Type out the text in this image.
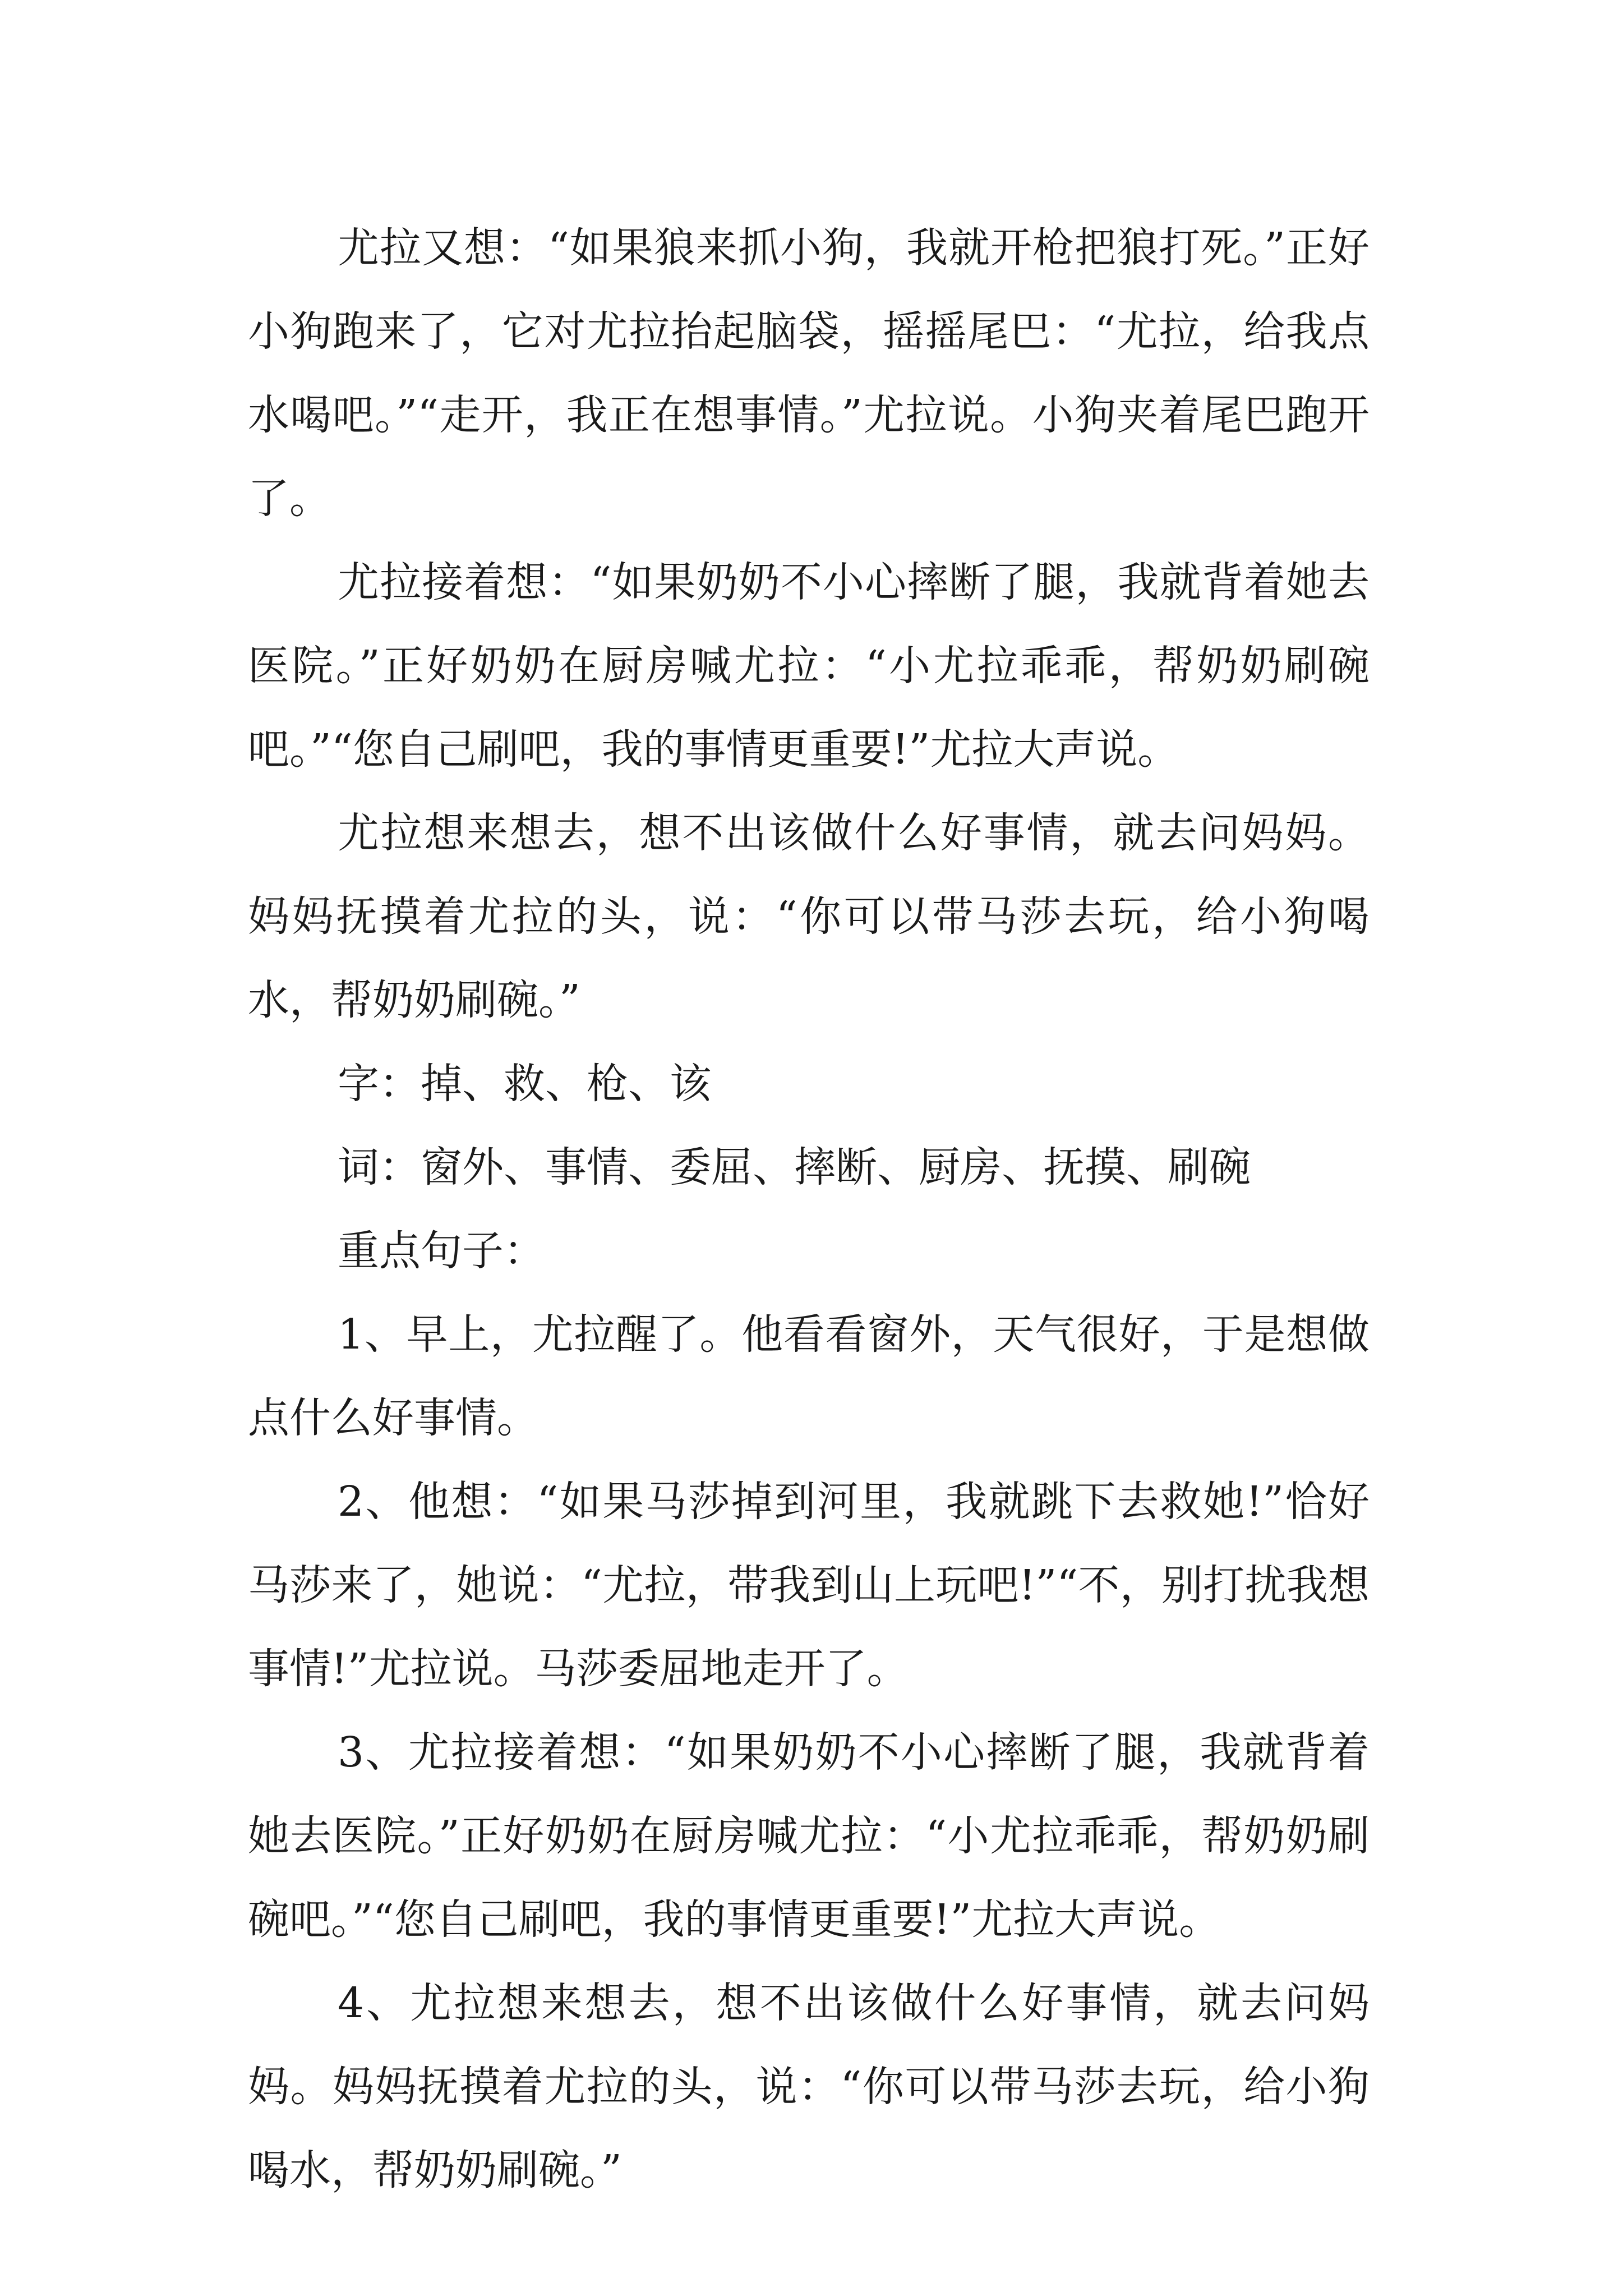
尤拉又想：“如果狼来抓小狗，我就开枪把狼打死。”正好小狗跑来了，它对尤拉抬起脑袋，摇摇尾巴：“尤拉，给我点水喝吧。”“走开，我正在想事情。”尤拉说。小狗夹着尾巴跑开了。

尤拉接着想：“如果奶奶不小心摔断了腿，我就背着她去医院。”正好奶奶在厨房喊尤拉：“小尤拉乖乖，帮奶奶刷碗吧。”“您自己刷吧，我的事情更重要!”尤拉大声说。

尤拉想来想去，想不出该做什么好事情，就去问妈妈。妈妈抚摸着尤拉的头，说：“你可以带马莎去玩，给小狗喝水，帮奶奶刷碗。”

字：掉、救、枪、该

词：窗外、事情、委屈、摔断、厨房、抚摸、刷碗

重点句子：

1、早上，尤拉醒了。他看看窗外，天气很好，于是想做点什么好事情。

2、他想：“如果马莎掉到河里，我就跳下去救她!”恰好马莎来了，她说：“尤拉，带我到山上玩吧!”“不，别打扰我想事情!”尤拉说。马莎委屈地走开了。

3、尤拉接着想：“如果奶奶不小心摔断了腿，我就背着她去医院。”正好奶奶在厨房喊尤拉：“小尤拉乖乖，帮奶奶刷碗吧。”“您自己刷吧，我的事情更重要!”尤拉大声说。

4、尤拉想来想去，想不出该做什么好事情，就去问妈妈。妈妈抚摸着尤拉的头，说：“你可以带马莎去玩，给小狗喝水，帮奶奶刷碗。”
